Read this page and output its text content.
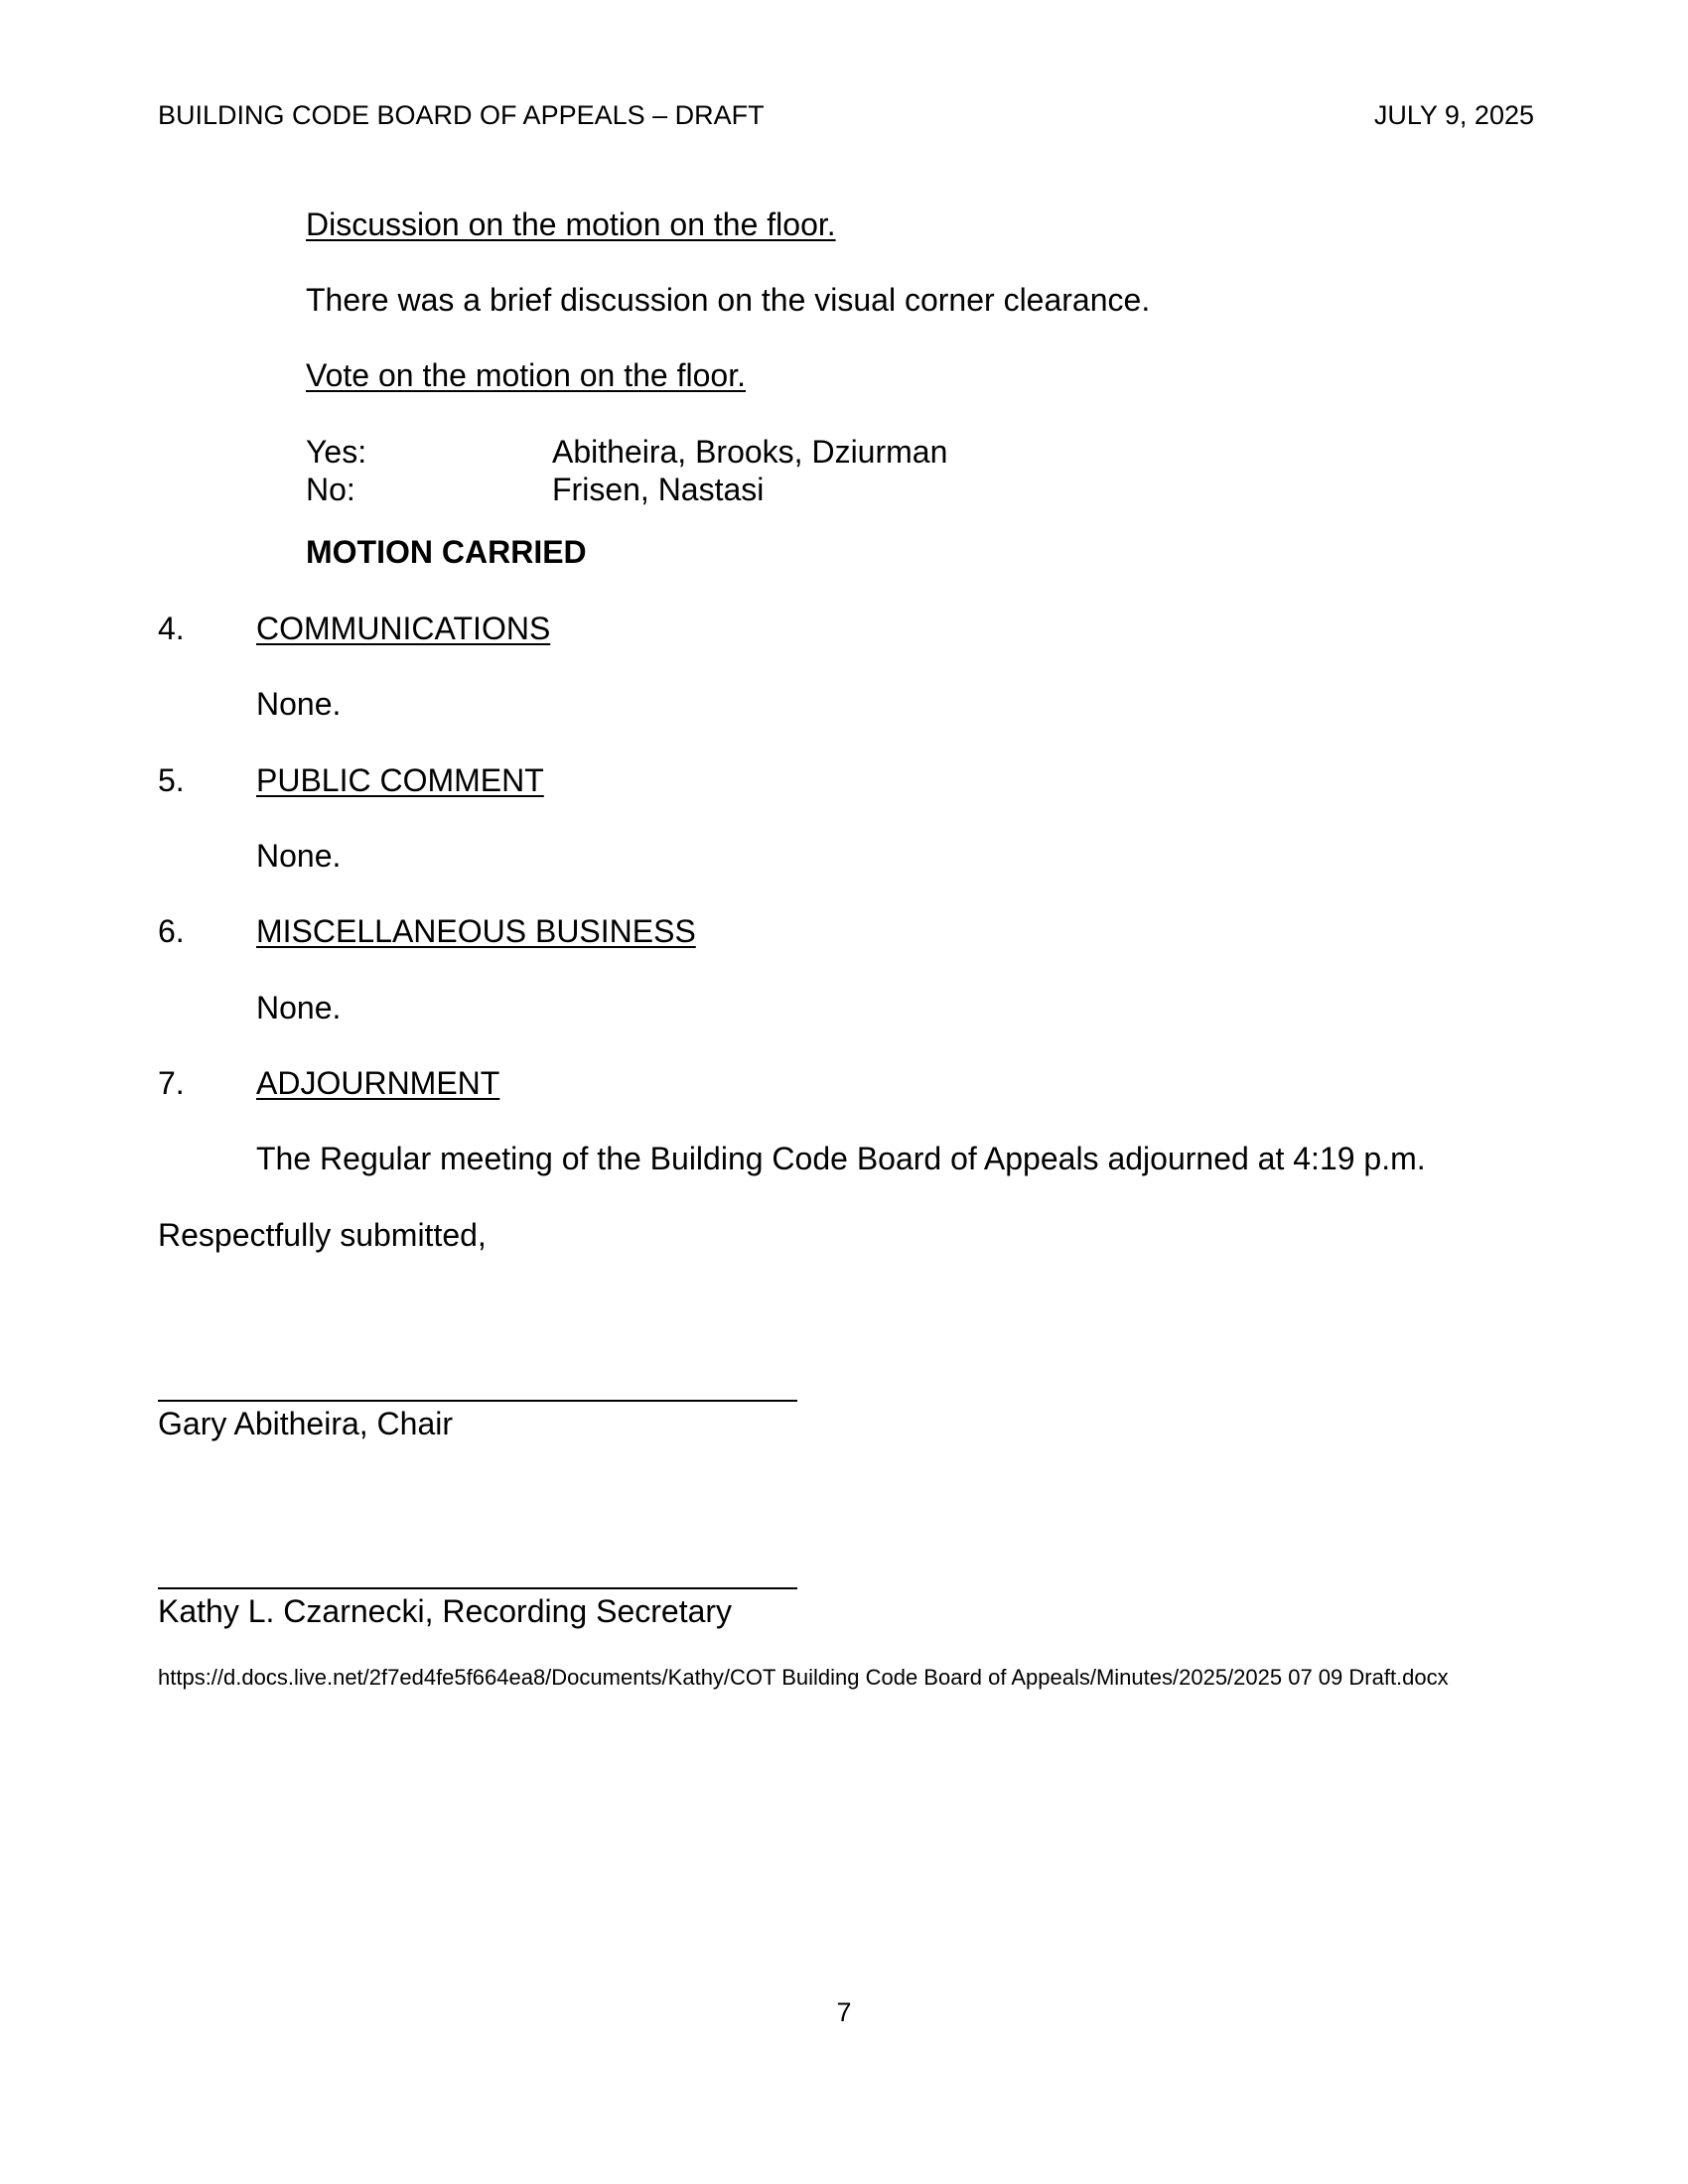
BUILDING CODE BOARD OF APPEALS – DRAFT	JULY 9, 2025
Discussion on the motion on the floor.
There was a brief discussion on the visual corner clearance.
Vote on the motion on the floor.
Yes:	Abitheira, Brooks, Dziurman
No:	Frisen, Nastasi
MOTION CARRIED
4. COMMUNICATIONS
None.
5. PUBLIC COMMENT
None.
6. MISCELLANEOUS BUSINESS
None.
7. ADJOURNMENT
The Regular meeting of the Building Code Board of Appeals adjourned at 4:19 p.m.
Respectfully submitted,
Gary Abitheira, Chair
Kathy L. Czarnecki, Recording Secretary
https://d.docs.live.net/2f7ed4fe5f664ea8/Documents/Kathy/COT Building Code Board of Appeals/Minutes/2025/2025 07 09 Draft.docx
7
